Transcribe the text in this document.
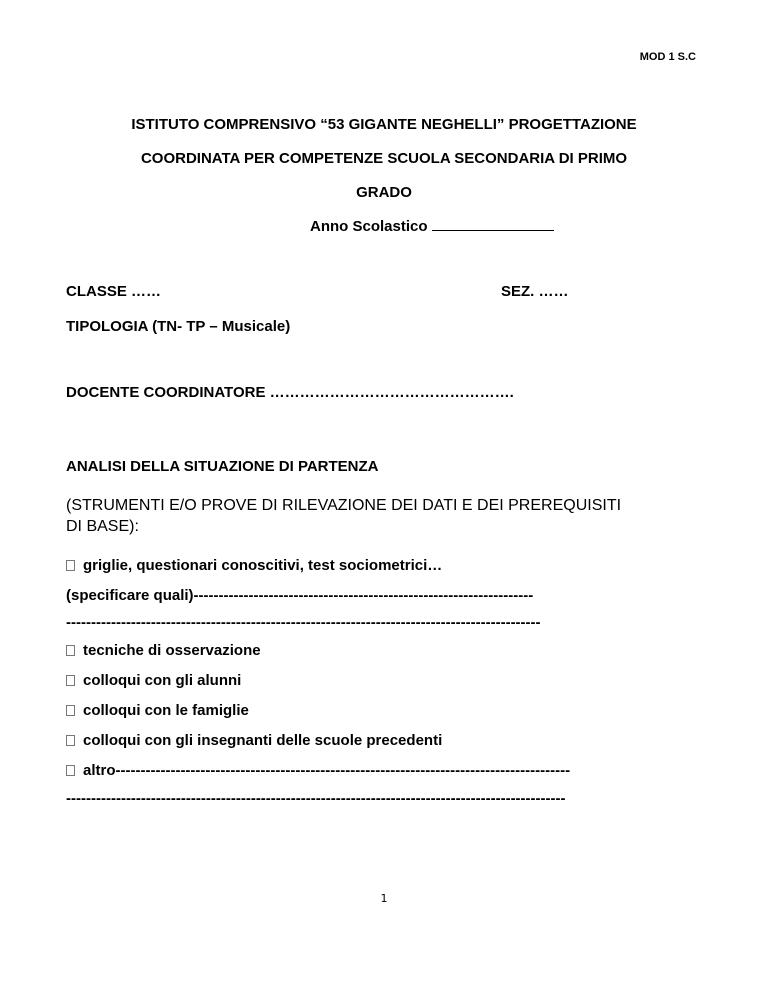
MOD 1 S.C
ISTITUTO COMPRENSIVO “53 GIGANTE NEGHELLI” PROGETTAZIONE
COORDINATA PER COMPETENZE SCUOLA SECONDARIA DI PRIMO
GRADO
Anno Scolastico
CLASSE ……	SEZ. ……
TIPOLOGIA (TN- TP – Musicale)
DOCENTE COORDINATORE ………………………………………….
ANALISI DELLA SITUAZIONE DI PARTENZA
(STRUMENTI E/O PROVE DI RILEVAZIONE DEI DATI E DEI PREREQUISITI
DI BASE):
griglie, questionari conoscitivi, test sociometrici…
(specificare quali)--------------------------------------------------------------------
-----------------------------------------------------------------------------------------------
tecniche di osservazione
colloqui con gli alunni
colloqui con le famiglie
colloqui con gli insegnanti delle scuole precedenti
altro-------------------------------------------------------------------------------------------
----------------------------------------------------------------------------------------------------
1
